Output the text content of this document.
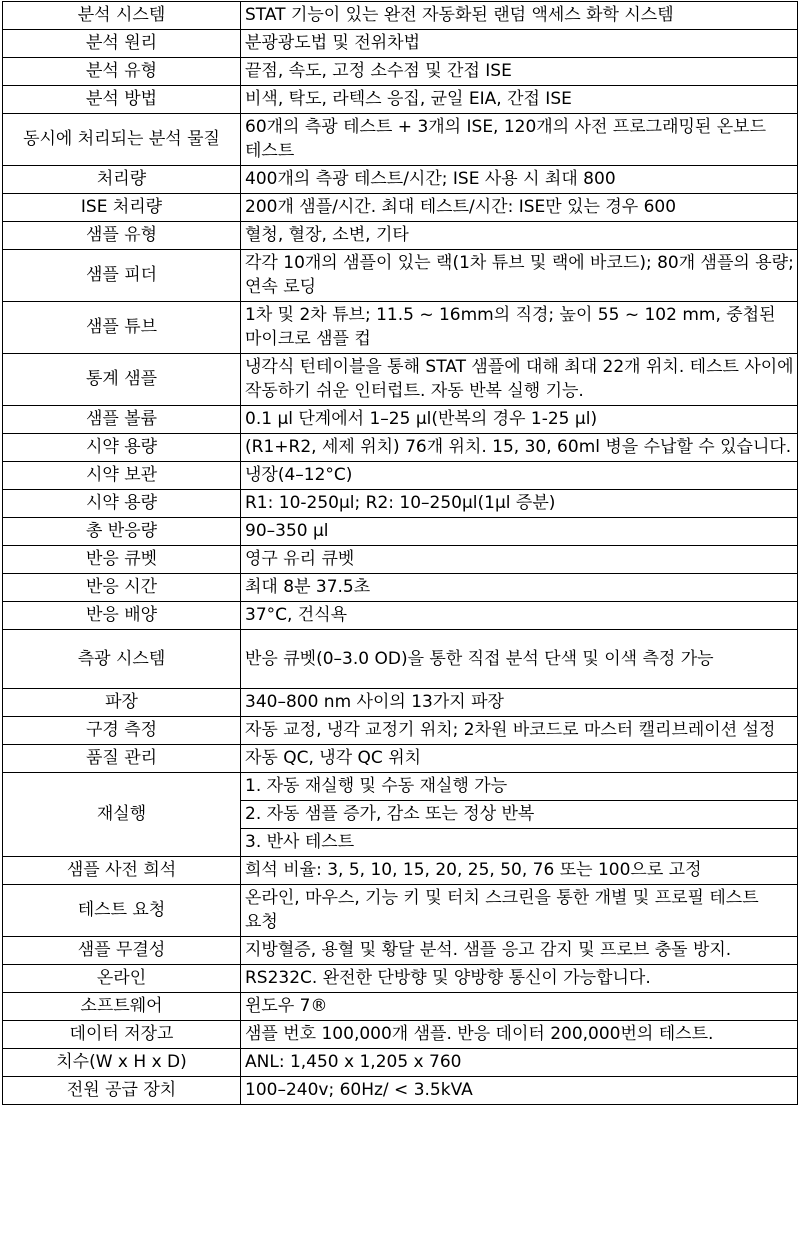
분석 시스템	STAT 기능이 있는 완전 자동화된 랜덤 액세스 화학 시스템
분석 원리	분광광도법 및 전위차법
분석 유형	끝점, 속도, 고정 소수점 및 간접 ISE
분석 방법	비색, 탁도, 라텍스 응집, 균일 EIA, 간접 ISE
동시에 처리되는 분석 물질	60개의 측광 테스트 + 3개의 ISE, 120개의 사전 프로그래밍된 온보드 테스트
처리량	400개의 측광 테스트/시간; ISE 사용 시 최대 800
ISE 처리량	200개 샘플/시간. 최대 테스트/시간: ISE만 있는 경우 600
샘플 유형	혈청, 혈장, 소변, 기타
샘플 피더	각각 10개의 샘플이 있는 랙(1차 튜브 및 랙에 바코드); 80개 샘플의 용량; 연속 로딩
샘플 튜브	1차 및 2차 튜브; 11.5 ~ 16mm의 직경; 높이 55 ~ 102 mm, 중첩된 마이크로 샘플 컵
통계 샘플	냉각식 턴테이블을 통해 STAT 샘플에 대해 최대 22개 위치. 테스트 사이에 작동하기 쉬운 인터럽트. 자동 반복 실행 기능.
샘플 볼륨	0.1 μl 단계에서 1–25 μl(반복의 경우 1-25 μl)
시약 용량	(R1+R2, 세제 위치) 76개 위치. 15, 30, 60ml 병을 수납할 수 있습니다.
시약 보관	냉장(4–12°C)
시약 용량	R1: 10-250μl; R2: 10–250μl(1μl 증분)
총 반응량	90–350 μl
반응 큐벳	영구 유리 큐벳
반응 시간	최대 8분 37.5초
반응 배양	37°C, 건식욕
측광 시스템	반응 큐벳(0–3.0 OD)을 통한 직접 분석 단색 및 이색 측정 가능
파장	340–800 nm 사이의 13가지 파장
구경 측정	자동 교정, 냉각 교정기 위치; 2차원 바코드로 마스터 캘리브레이션 설정
품질 관리	자동 QC, 냉각 QC 위치
재실행	1. 자동 재실행 및 수동 재실행 가능
	2. 자동 샘플 증가, 감소 또는 정상 반복
	3. 반사 테스트
샘플 사전 희석	희석 비율: 3, 5, 10, 15, 20, 25, 50, 76 또는 100으로 고정
테스트 요청	온라인, 마우스, 기능 키 및 터치 스크린을 통한 개별 및 프로필 테스트 요청
샘플 무결성	지방혈증, 용혈 및 황달 분석. 샘플 응고 감지 및 프로브 충돌 방지.
온라인	RS232C. 완전한 단방향 및 양방향 통신이 가능합니다.
소프트웨어	윈도우 7®
데이터 저장고	샘플 번호 100,000개 샘플. 반응 데이터 200,000번의 테스트.
치수(W x H x D)	ANL: 1,450 x 1,205 x 760
전원 공급 장치	100–240v; 60Hz/ < 3.5kVA
